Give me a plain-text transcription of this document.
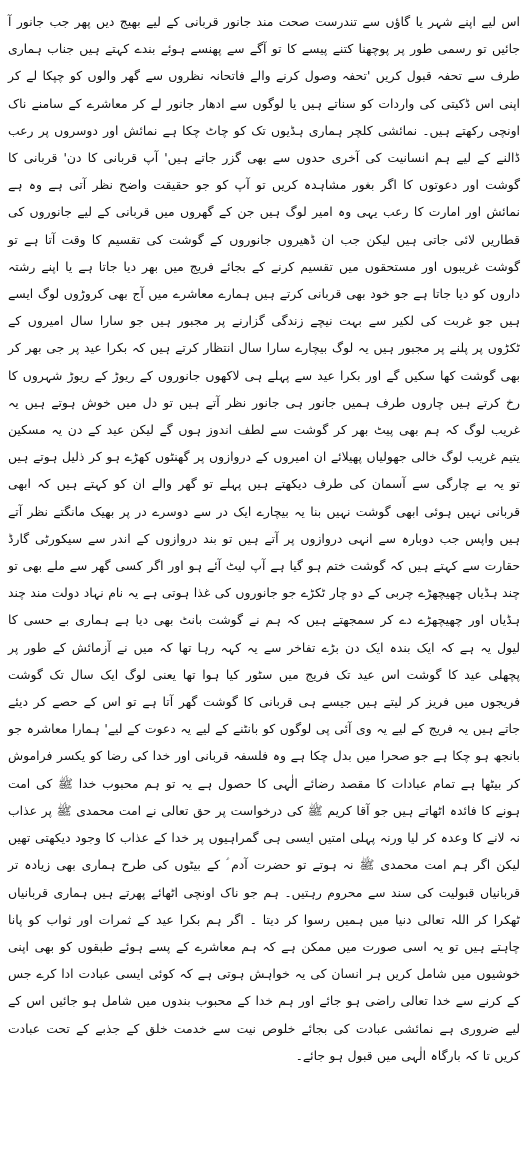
اس لیے اپنے شہر یا گاؤں سے تندرست صحت مند جانور قربانی کے لیے بھیج دیں پھر جب جانور آ جائیں تو رسمی طور پر پوچھنا کتنے پیسے کا تو آگے سے پھنسے ہوئے بندے کہتے ہیں جناب ہماری طرف سے تحفہ قبول کریں 'تحفہ وصول کرنے والے فاتحانہ نظروں سے گھر والوں کو چپکا لے کر اپنی اس ڈکیتی کی واردات کو سناتے ہیں یا لوگوں سے ادھار جانور لے کر معاشرے کے سامنے ناک اونچی رکھتے ہیں۔ نمائشی کلچر ہماری ہڈیوں تک کو چاٹ چکا ہے نمائش اور دوسروں پر رعب ڈالنے کے لیے ہم انسانیت کی آخری حدوں سے بھی گزر جاتے ہیں' آپ قربانی کا دن' قربانی کا گوشت اور دعوتوں کا اگر بغور مشاہدہ کریں تو آپ کو جو حقیقت واضح نظر آتی ہے وہ ہے نمائش اور امارت کا رعب یہی وہ امیر لوگ ہیں جن کے گھروں میں قربانی کے لیے جانوروں کی قطاریں لائی جاتی ہیں لیکن جب ان ڈھیروں جانوروں کے گوشت کی تقسیم کا وقت آتا ہے تو گوشت غریبوں اور مستحقوں میں تقسیم کرنے کے بجائے فریج میں بھر دیا جاتا ہے یا اپنے رشتہ داروں کو دیا جاتا ہے جو خود بھی قربانی کرتے ہیں ہمارے معاشرے میں آج بھی کروڑوں لوگ ایسے ہیں جو غربت کی لکیر سے بہت نیچے زندگی گزارنے پر مجبور ہیں جو سارا سال امیروں کے ٹکڑوں پر پلنے پر مجبور ہیں یہ لوگ بیچارے سارا سال انتظار کرتے ہیں کہ بکرا عید پر جی بھر کر بھی گوشت کھا سکیں گے اور بکرا عید سے پہلے ہی لاکھوں جانوروں کے ریوڑ کے ریوڑ شہروں کا رخ کرتے ہیں چاروں طرف ہمیں جانور ہی جانور نظر آتے ہیں تو دل میں خوش ہوتے ہیں یہ غریب لوگ کہ ہم بھی پیٹ بھر کر گوشت سے لطف اندوز ہوں گے لیکن عید کے دن یہ مسکین یتیم غریب لوگ خالی جھولیاں پھیلائے ان امیروں کے دروازوں پر گھنٹوں کھڑے ہو کر ذلیل ہوتے ہیں تو یہ بے چارگی سے آسمان کی طرف دیکھتے ہیں پہلے تو گھر والے ان کو کہتے ہیں کہ ابھی قربانی نہیں ہوئی ابھی گوشت نہیں بنا یہ بیچارے ایک در سے دوسرے در پر بھیک مانگتے نظر آتے ہیں واپس جب دوبارہ سے انہی دروازوں پر آتے ہیں تو بند دروازوں کے اندر سے سیکورٹی گارڈ حقارت سے کہتے ہیں کہ گوشت ختم ہو گیا ہے آپ لیٹ آئے ہو اور اگر کسی گھر سے ملے بھی تو چند ہڈیاں چھیچھڑے چربی کے دو چار ٹکڑے جو جانوروں کی غذا ہوتی ہے یہ نام نہاد دولت مند چند ہڈیاں اور چھیچھڑے دے کر سمجھتے ہیں کہ ہم نے گوشت بانٹ بھی دیا ہے ہماری بے حسی کا لیول یہ ہے کہ ایک بندہ ایک دن بڑے تفاخر سے یہ کہہ رہا تھا کہ میں نے آزمائش کے طور پر پچھلی عید کا گوشت اس عید تک فریج میں سٹور کیا ہوا تھا یعنی لوگ ایک سال تک گوشت فریجوں میں فریز کر لیتے ہیں جیسے ہی قربانی کا گوشت گھر آتا ہے تو اس کے حصے کر دیئے جاتے ہیں یہ فریج کے لیے یہ وی آئی پی لوگوں کو بانٹنے کے لیے یہ دعوت کے لیے' ہمارا معاشرہ جو بانجھ ہو چکا ہے جو صحرا میں بدل چکا ہے وہ فلسفہ قربانی اور خدا کی رضا کو یکسر فراموش کر بیٹھا ہے تمام عبادات کا مقصد رضائے الٰہی کا حصول ہے یہ تو ہم محبوب خدا ﷺ کی امت ہونے کا فائدہ اٹھاتے ہیں جو آقا کریم ﷺ کی درخواست پر حق تعالی نے امت محمدی ﷺ پر عذاب نہ لانے کا وعدہ کر لیا ورنہ پہلی امتیں ایسی ہی گمراہیوں پر خدا کے عذاب کا وجود دیکھتی تھیں لیکن اگر ہم امت محمدی ﷺ نہ ہوتے تو حضرت آدم ؑ کے بیٹوں کی طرح ہماری بھی زیادہ تر قربانیاں قبولیت کی سند سے محروم رہتیں۔ ہم جو ناک اونچی اٹھائے پھرتے ہیں ہماری قربانیاں ٹھکرا کر اللہ تعالی دنیا میں ہمیں رسوا کر دیتا ۔ اگر ہم بکرا عید کے ثمرات اور ثواب کو پانا چاہتے ہیں تو یہ اسی صورت میں ممکن ہے کہ ہم معاشرے کے پسے ہوئے طبقوں کو بھی اپنی خوشیوں میں شامل کریں ہر انسان کی یہ خواہش ہوتی ہے کہ کوئی ایسی عبادت ادا کرے جس کے کرنے سے خدا تعالی راضی ہو جائے اور ہم خدا کے محبوب بندوں میں شامل ہو جائیں اس کے لیے ضروری ہے نمائشی عبادت کی بجائے خلوص نیت سے خدمت خلق کے جذبے کے تحت عبادت کریں تا کہ بارگاہ الٰہی میں قبول ہو جائے۔
